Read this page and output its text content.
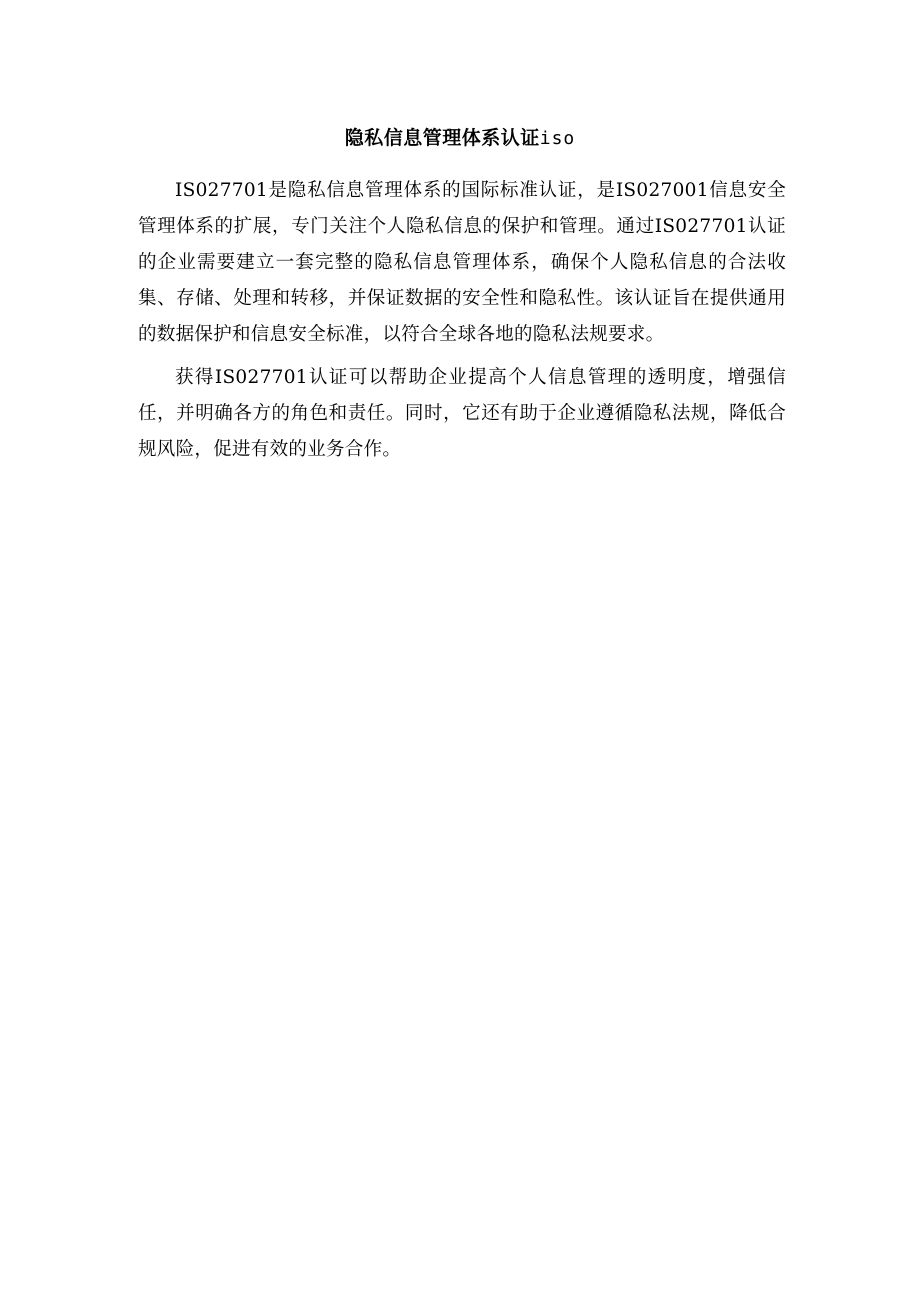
隐私信息管理体系认证iso

IS027701是隐私信息管理体系的国际标准认证，是IS027001信息安全管理体系的扩展，专门关注个人隐私信息的保护和管理。通过IS027701认证的企业需要建立一套完整的隐私信息管理体系，确保个人隐私信息的合法收集、存储、处理和转移，并保证数据的安全性和隐私性。该认证旨在提供通用的数据保护和信息安全标准，以符合全球各地的隐私法规要求。

获得IS027701认证可以帮助企业提高个人信息管理的透明度，增强信任，并明确各方的角色和责任。同时，它还有助于企业遵循隐私法规，降低合规风险，促进有效的业务合作。
